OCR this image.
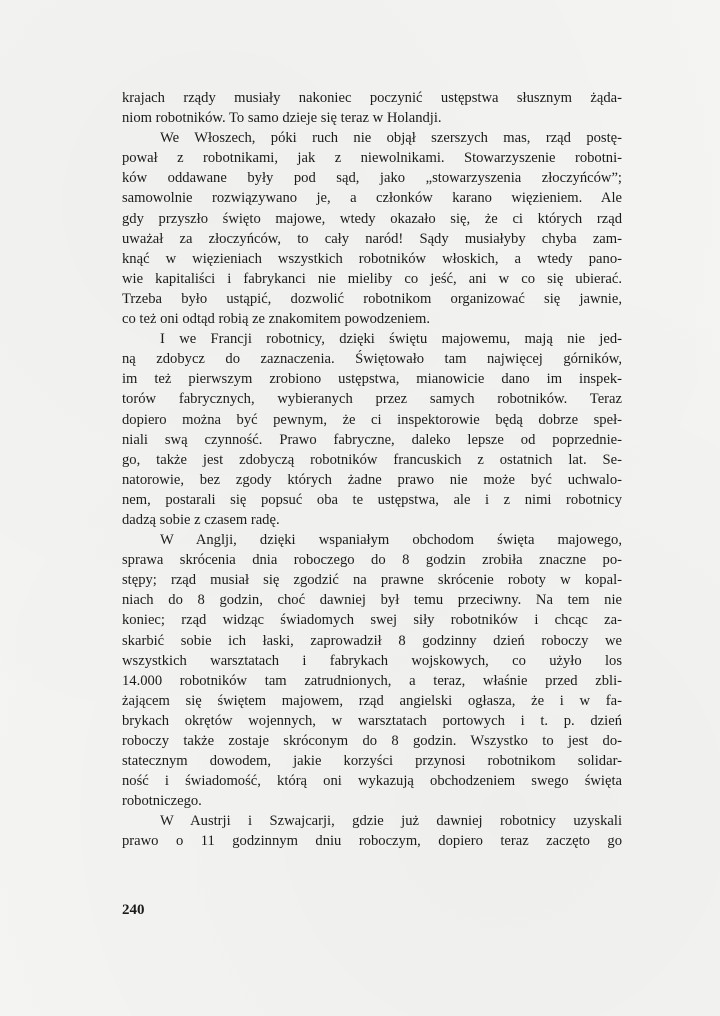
krajach rządy musiały nakoniec poczynić ustępstwa słusznym żąda-
niom robotników. To samo dzieje się teraz w Holandji.
We Włoszech, póki ruch nie objął szerszych mas, rząd postę-
pował z robotnikami, jak z niewolnikami. Stowarzyszenie robotni-
ków oddawane były pod sąd, jako „stowarzyszenia złoczyńców”;
samowolnie rozwiązywano je, a członków karano więzieniem. Ale
gdy przyszło święto majowe, wtedy okazało się, że ci których rząd
uważał za złoczyńców, to cały naród! Sądy musiałyby chyba zam-
knąć w więzieniach wszystkich robotników włoskich, a wtedy pano-
wie kapitaliści i fabrykanci nie mieliby co jeść, ani w co się ubierać.
Trzeba było ustąpić, dozwolić robotnikom organizować się jawnie,
co też oni odtąd robią ze znakomitem powodzeniem.
I we Francji robotnicy, dzięki świętu majowemu, mają nie jed-
ną zdobycz do zaznaczenia. Świętowało tam najwięcej górników,
im też pierwszym zrobiono ustępstwa, mianowicie dano im inspek-
torów fabrycznych, wybieranych przez samych robotników. Teraz
dopiero można być pewnym, że ci inspektorowie będą dobrze speł-
niali swą czynność. Prawo fabryczne, daleko lepsze od poprzednie-
go, także jest zdobyczą robotników francuskich z ostatnich lat. Se-
natorowie, bez zgody których żadne prawo nie może być uchwalo-
nem, postarali się popsuć oba te ustępstwa, ale i z nimi robotnicy
dadzą sobie z czasem radę.
W Anglji, dzięki wspaniałym obchodom święta majowego,
sprawa skrócenia dnia roboczego do 8 godzin zrobiła znaczne po-
stępy; rząd musiał się zgodzić na prawne skrócenie roboty w kopal-
niach do 8 godzin, choć dawniej był temu przeciwny. Na tem nie
koniec; rząd widząc świadomych swej siły robotników i chcąc za-
skarbić sobie ich łaski, zaprowadził 8 godzinny dzień roboczy we
wszystkich warsztatach i fabrykach wojskowych, co użyło los
14.000 robotników tam zatrudnionych, a teraz, właśnie przed zbli-
żającem się świętem majowem, rząd angielski ogłasza, że i w fa-
brykach okrętów wojennych, w warsztatach portowych i t. p. dzień
roboczy także zostaje skróconym do 8 godzin. Wszystko to jest do-
statecznym dowodem, jakie korzyści przynosi robotnikom solidar-
ność i świadomość, którą oni wykazują obchodzeniem swego święta
robotniczego.
W Austrji i Szwajcarji, gdzie już dawniej robotnicy uzyskali
prawo o 11 godzinnym dniu roboczym, dopiero teraz zaczęto go
240
